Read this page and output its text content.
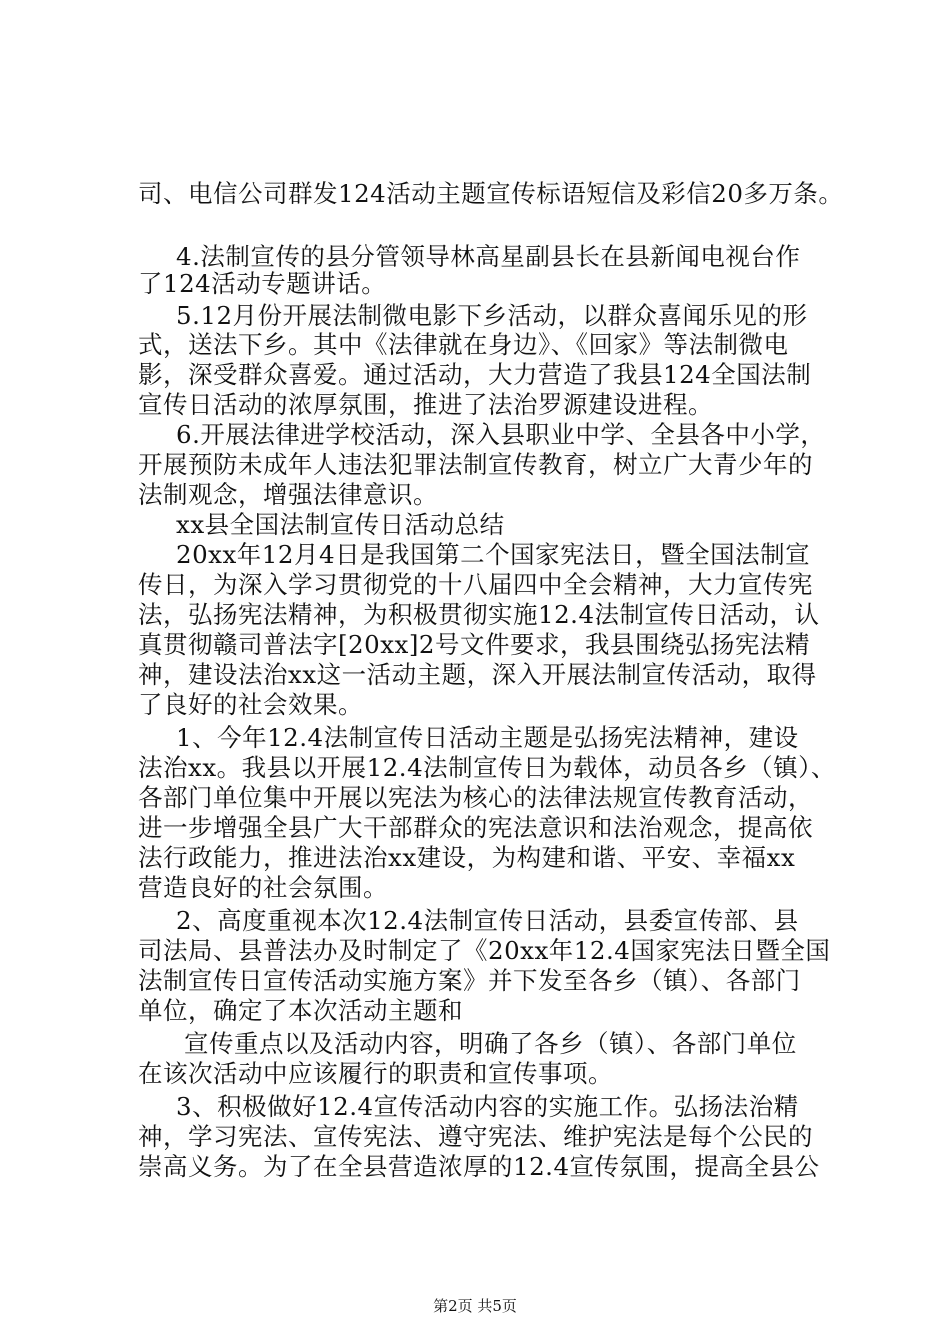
司、电信公司群发124活动主题宣传标语短信及彩信20多万条。
4.法制宣传的县分管领导林高星副县长在县新闻电视台作
了124活动专题讲话。
5.12月份开展法制微电影下乡活动，以群众喜闻乐见的形
式，送法下乡。其中《法律就在身边》、《回家》等法制微电
影，深受群众喜爱。通过活动，大力营造了我县124全国法制
宣传日活动的浓厚氛围，推进了法治罗源建设进程。
6.开展法律进学校活动，深入县职业中学、全县各中小学，
开展预防未成年人违法犯罪法制宣传教育，树立广大青少年的
法制观念，增强法律意识。
xx县全国法制宣传日活动总结
20xx年12月4日是我国第二个国家宪法日，暨全国法制宣
传日，为深入学习贯彻党的十八届四中全会精神，大力宣传宪
法，弘扬宪法精神，为积极贯彻实施12.4法制宣传日活动，认
真贯彻赣司普法字[20xx]2号文件要求，我县围绕弘扬宪法精
神，建设法治xx这一活动主题，深入开展法制宣传活动，取得
了良好的社会效果。
1、今年12.4法制宣传日活动主题是弘扬宪法精神，建设
法治xx。我县以开展12.4法制宣传日为载体，动员各乡（镇）、
各部门单位集中开展以宪法为核心的法律法规宣传教育活动，
进一步增强全县广大干部群众的宪法意识和法治观念，提高依
法行政能力，推进法治xx建设，为构建和谐、平安、幸福xx
营造良好的社会氛围。
2、高度重视本次12.4法制宣传日活动，县委宣传部、县
司法局、县普法办及时制定了《20xx年12.4国家宪法日暨全国
法制宣传日宣传活动实施方案》并下发至各乡（镇）、各部门
单位，确定了本次活动主题和
宣传重点以及活动内容，明确了各乡（镇）、各部门单位
在该次活动中应该履行的职责和宣传事项。
3、积极做好12.4宣传活动内容的实施工作。弘扬法治精
神，学习宪法、宣传宪法、遵守宪法、维护宪法是每个公民的
崇高义务。为了在全县营造浓厚的12.4宣传氛围，提高全县公
第2页 共5页
